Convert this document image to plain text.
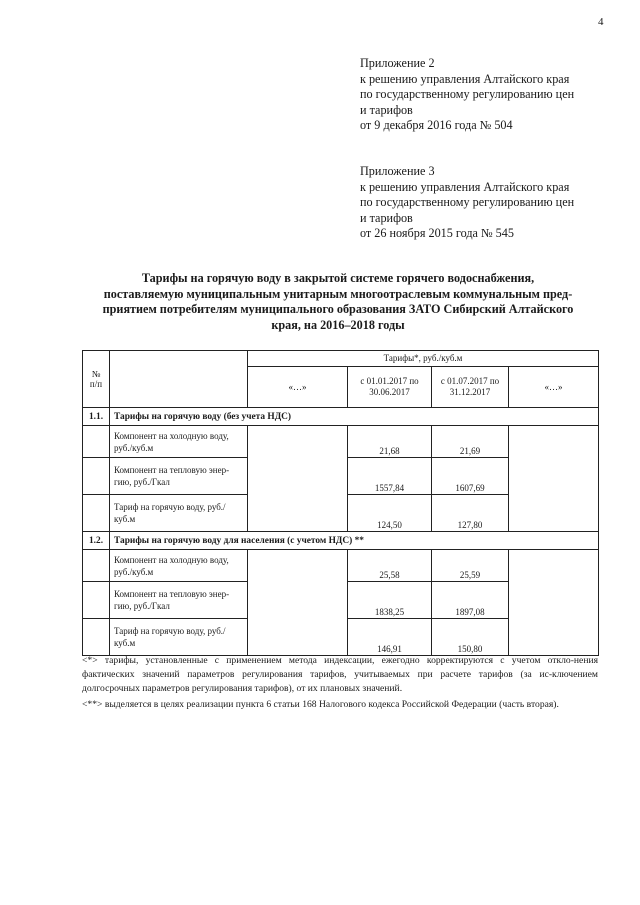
4
Приложение 2
к решению управления Алтайского края
по государственному регулированию цен
и тарифов
от 9 декабря 2016 года № 504
Приложение 3
к решению управления Алтайского края
по государственному регулированию цен
и тарифов
от 26 ноября 2015 года № 545
Тарифы на горячую воду в закрытой системе горячего водоснабжения,
поставляемую муниципальным унитарным многоотраслевым коммунальным пред-
приятием потребителям муниципального образования ЗАТО Сибирский Алтайского
края, на 2016–2018 годы
№ п/п		Тарифы*, руб./куб.м			
		«…»	с 01.01.2017 по 30.06.2017	с 01.07.2017 по 31.12.2017	«…»
1.1.	Тарифы на горячую воду (без учета НДС)				
	Компонент на холодную воду, руб./куб.м		21,68	21,69	
	Компонент на тепловую энер-гию, руб./Гкал		1557,84	1607,69	
	Тариф на горячую воду, руб./куб.м		124,50	127,80	
1.2.	Тарифы на горячую воду для населения (с учетом НДС) **				
	Компонент на холодную воду, руб./куб.м		25,58	25,59	
	Компонент на тепловую энер-гию, руб./Гкал		1838,25	1897,08	
	Тариф на горячую воду, руб./куб.м		146,91	150,80	

<*> тарифы, установленные с применением метода индексации, ежегодно корректируются с учетом откло-нения фактических значений параметров регулирования тарифов, учитываемых при расчете тарифов (за ис-ключением долгосрочных параметров регулирования тарифов), от их плановых значений.

<**> выделяется в целях реализации пункта 6 статьи 168 Налогового кодекса Российской Федерации (часть вторая).
